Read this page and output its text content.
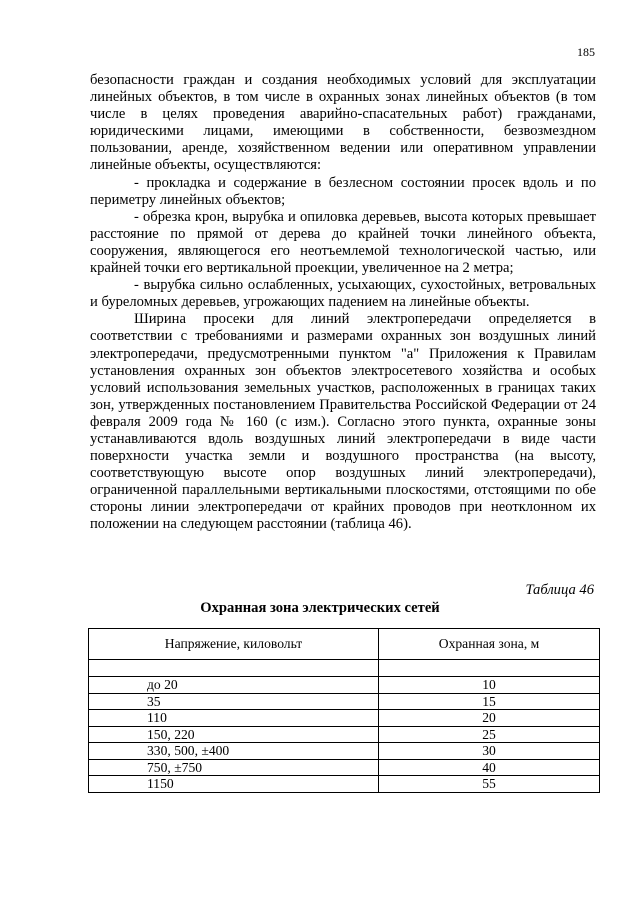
185

безопасности граждан и создания необходимых условий для эксплуатации линейных объектов, в том числе в охранных зонах линейных объектов (в том числе в целях проведения аварийно-спасательных работ) гражданами, юридическими лицами, имеющими в собственности, безвозмездном пользовании, аренде, хозяйственном ведении или оперативном управлении линейные объекты, осуществляются:

- прокладка и содержание в безлесном состоянии просек вдоль и по периметру линейных объектов;

- обрезка крон, вырубка и опиловка деревьев, высота которых превышает расстояние по прямой от дерева до крайней точки линейного объекта, сооружения, являющегося его неотъемлемой технологической частью, или крайней точки его вертикальной проекции, увеличенное на 2 метра;

- вырубка сильно ослабленных, усыхающих, сухостойных, ветровальных и буреломных деревьев, угрожающих падением на линейные объекты.

Ширина просеки для линий электропередачи определяется в соответствии с требованиями и размерами охранных зон воздушных линий электропередачи, предусмотренными пунктом "а" Приложения к Правилам установления охранных зон объектов электросетевого хозяйства и особых условий использования земельных участков, расположенных в границах таких зон, утвержденных постановлением Правительства Российской Федерации от 24 февраля 2009 года № 160 (с изм.). Согласно этого пункта, охранные зоны устанавливаются вдоль воздушных линий электропередачи в виде части поверхности участка земли и воздушного пространства (на высоту, соответствующую высоте опор воздушных линий электропередачи), ограниченной параллельными вертикальными плоскостями, отстоящими по обе стороны линии электропередачи от крайних проводов при неотклонном их положении на следующем расстоянии (таблица 46).

Таблица 46
Охранная зона электрических сетей
Напряжение, киловольт	Охранная зона, м

до 20	10
35	15
110	20
150, 220	25
330, 500, ±400	30
750, ±750	40
1150	55
